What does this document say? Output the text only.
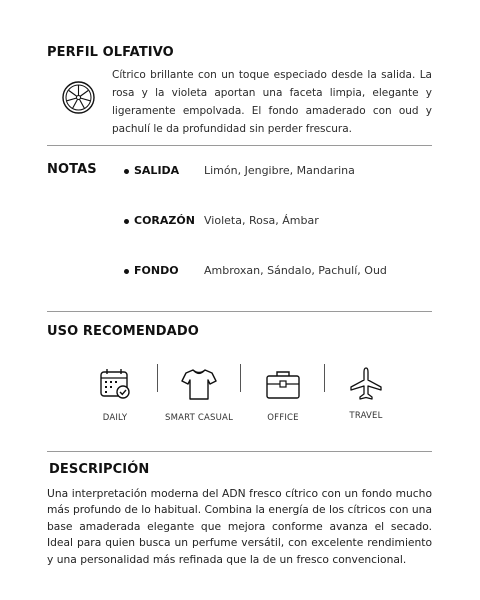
PERFIL OLFATIVO
Cítrico brillante con un toque especiado desde la salida. La rosa y la violeta aportan una faceta limpia, elegante y ligeramente empolvada. El fondo amaderado con oud y pachulí le da profundidad sin perder frescura.
NOTAS	SALIDA Limón, Jengibre, Mandarina
CORAZÓN Violeta, Rosa, Ámbar
FONDO Ambroxan, Sándalo, Pachulí, Oud
USO RECOMENDADO
DAILY	SMART CASUAL	OFFICE	TRAVEL
DESCRIPCIÓN
Una interpretación moderna del ADN fresco cítrico con un fondo mucho más profundo de lo habitual. Combina la energía de los cítricos con una base amaderada elegante que mejora conforme avanza el secado. Ideal para quien busca un perfume versátil, con excelente rendimiento y una personalidad más refinada que la de un fresco convencional.
